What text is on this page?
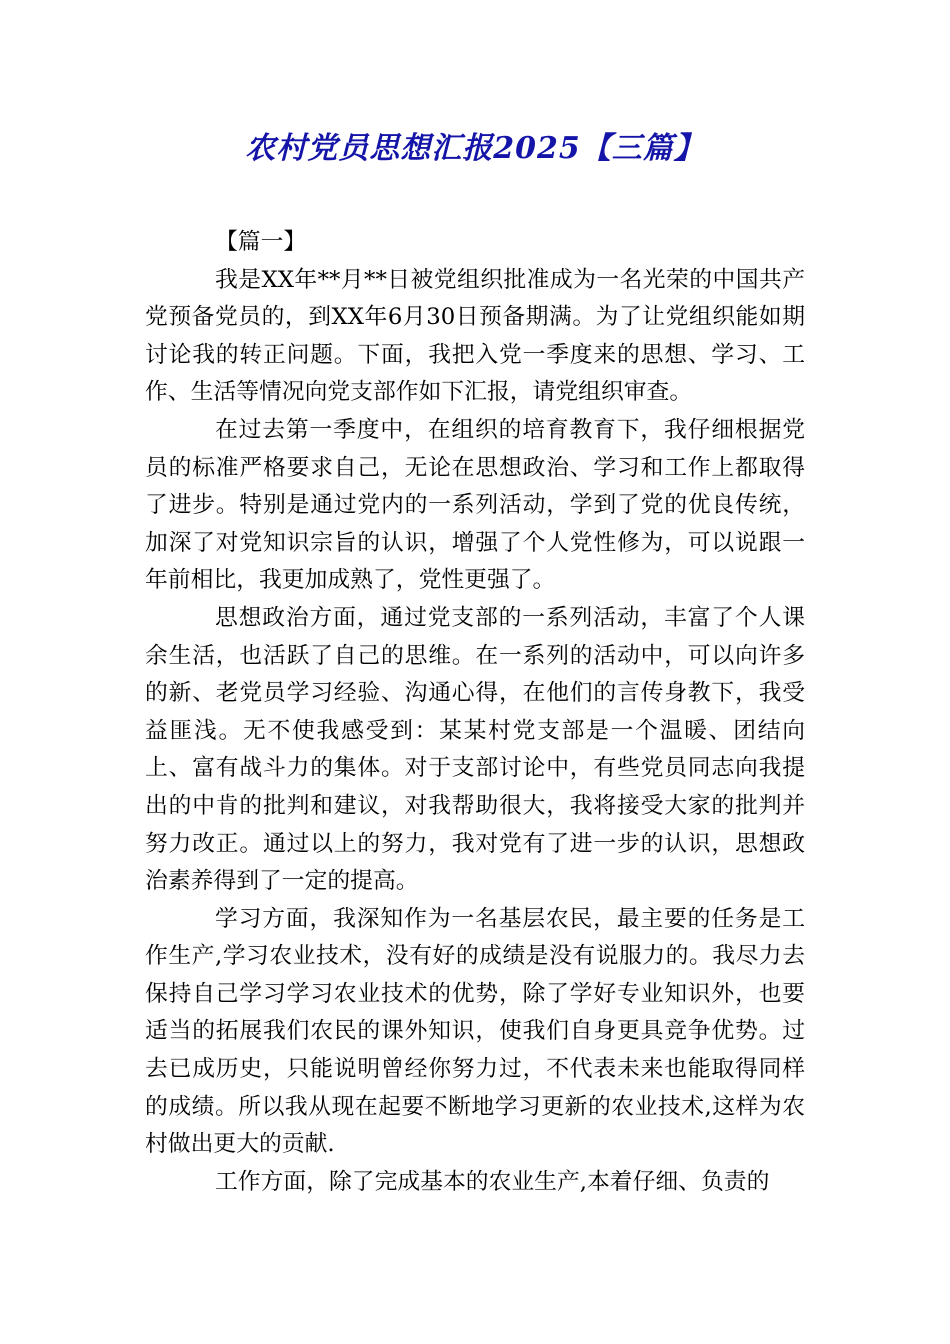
农村党员思想汇报2025【三篇】

【篇一】

我是XX年**月**日被党组织批准成为一名光荣的中国共产党预备党员的，到XX年6月30日预备期满。为了让党组织能如期讨论我的转正问题。下面，我把入党一季度来的思想、学习、工作、生活等情况向党支部作如下汇报，请党组织审查。

在过去第一季度中，在组织的培育教育下，我仔细根据党员的标准严格要求自己，无论在思想政治、学习和工作上都取得了进步。特别是通过党内的一系列活动，学到了党的优良传统，加深了对党知识宗旨的认识，增强了个人党性修为，可以说跟一年前相比，我更加成熟了，党性更强了。

思想政治方面，通过党支部的一系列活动，丰富了个人课余生活，也活跃了自己的思维。在一系列的活动中，可以向许多的新、老党员学习经验、沟通心得，在他们的言传身教下，我受益匪浅。无不使我感受到：某某村党支部是一个温暖、团结向上、富有战斗力的集体。对于支部讨论中，有些党员同志向我提出的中肯的批判和建议，对我帮助很大，我将接受大家的批判并努力改正。通过以上的努力，我对党有了进一步的认识，思想政治素养得到了一定的提高。

学习方面，我深知作为一名基层农民，最主要的任务是工作生产,学习农业技术，没有好的成绩是没有说服力的。我尽力去保持自己学习学习农业技术的优势，除了学好专业知识外，也要适当的拓展我们农民的课外知识，使我们自身更具竞争优势。过去已成历史，只能说明曾经你努力过，不代表未来也能取得同样的成绩。所以我从现在起要不断地学习更新的农业技术,这样为农村做出更大的贡献.

工作方面，除了完成基本的农业生产,本着仔细、负责的
